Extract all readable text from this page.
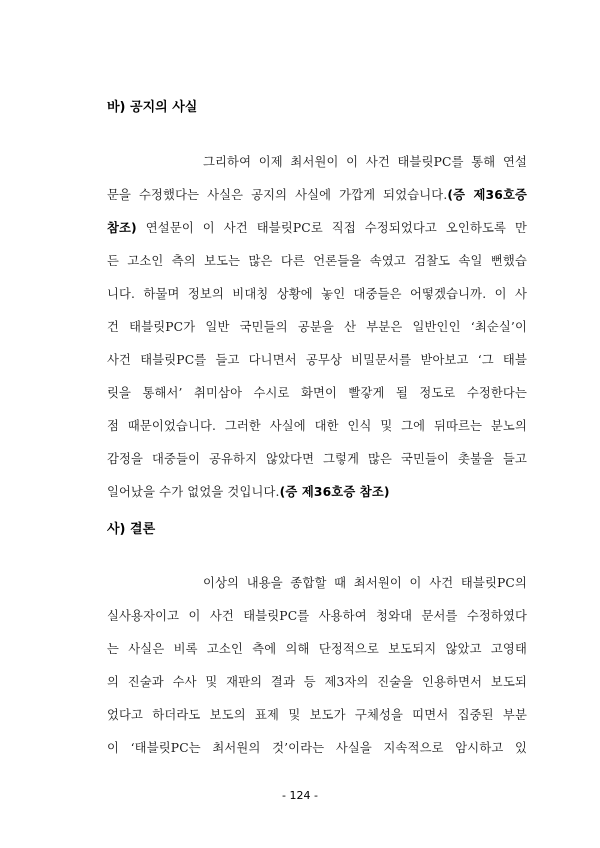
바) 공지의 사실
그리하여 이제 최서원이 이 사건 태블릿PC를 통해 연설
문을 수정했다는 사실은 공지의 사실에 가깝게 되었습니다.(증 제36호증
참조) 연설문이 이 사건 태블릿PC로 직접 수정되었다고 오인하도록 만
든 고소인 측의 보도는 많은 다른 언론들을 속였고 검찰도 속일 뻔했습
니다. 하물며 정보의 비대칭 상황에 놓인 대중들은 어떻겠습니까. 이 사
건 태블릿PC가 일반 국민들의 공분을 산 부분은 일반인인 ‘최순실’이
사건 태블릿PC를 들고 다니면서 공무상 비밀문서를 받아보고 ‘그 태블
릿을 통해서’ 취미삼아 수시로 화면이 빨갛게 될 정도로 수정한다는
점 때문이었습니다. 그러한 사실에 대한 인식 및 그에 뒤따르는 분노의
감정을 대중들이 공유하지 않았다면 그렇게 많은 국민들이 촛불을 들고
일어났을 수가 없었을 것입니다.(증 제36호증 참조)
사) 결론
이상의 내용을 종합할 때 최서원이 이 사건 태블릿PC의
실사용자이고 이 사건 태블릿PC를 사용하여 청와대 문서를 수정하였다
는 사실은 비록 고소인 측에 의해 단정적으로 보도되지 않았고 고영태
의 진술과 수사 및 재판의 결과 등 제3자의 진술을 인용하면서 보도되
었다고 하더라도 보도의 표제 및 보도가 구체성을 띠면서 집중된 부분
이 ‘태블릿PC는 최서원의 것’이라는 사실을 지속적으로 암시하고 있
- 124 -
